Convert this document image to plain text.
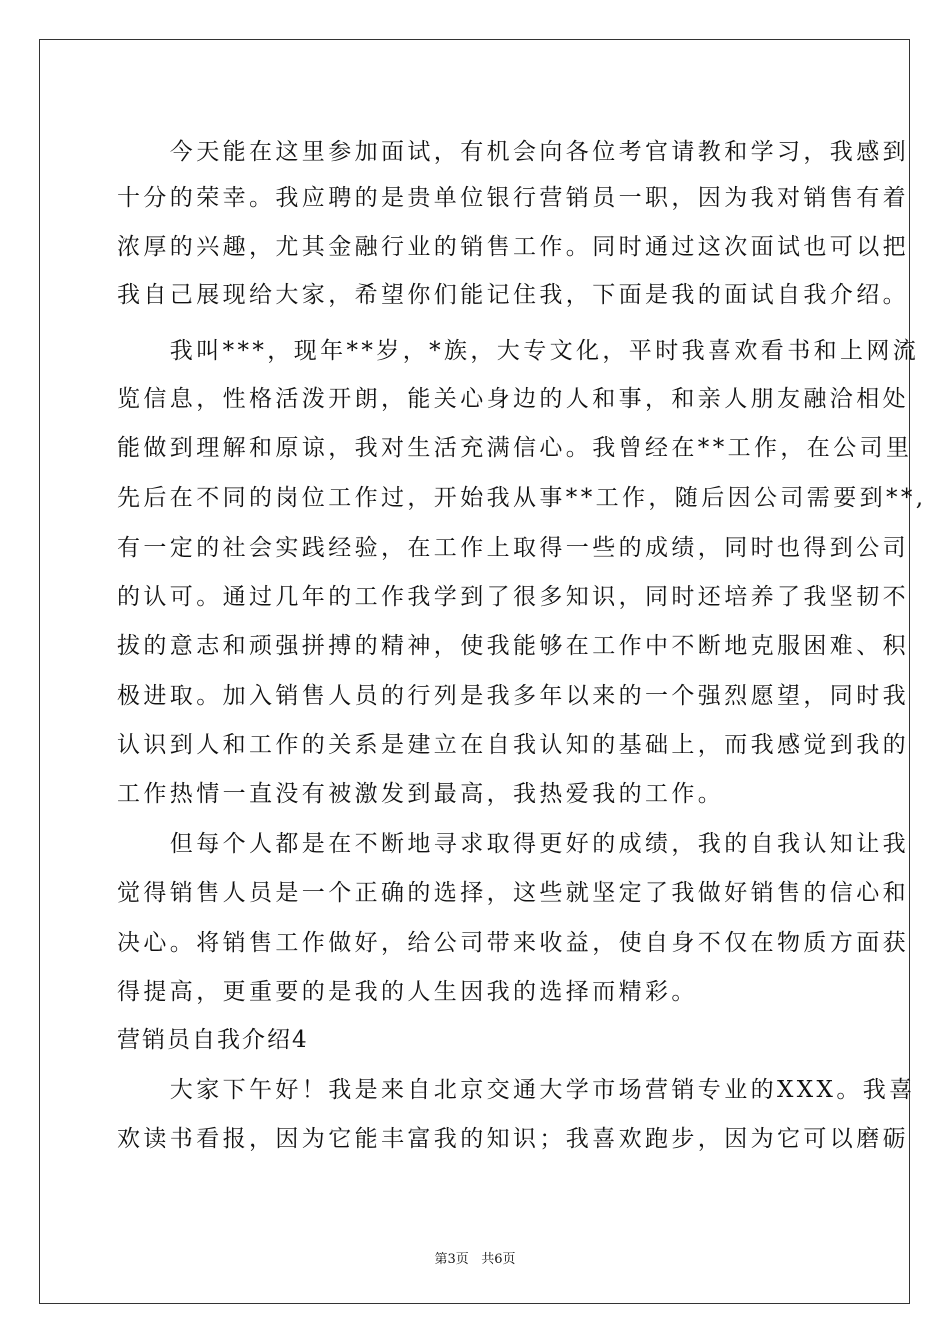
　　今天能在这里参加面试，有机会向各位考官请教和学习，我感到
十分的荣幸。我应聘的是贵单位银行营销员一职，因为我对销售有着
浓厚的兴趣，尤其金融行业的销售工作。同时通过这次面试也可以把
我自己展现给大家，希望你们能记住我，下面是我的面试自我介绍。
　　我叫***，现年**岁，*族，大专文化，平时我喜欢看书和上网流
览信息，性格活泼开朗，能关心身边的人和事，和亲人朋友融洽相处
能做到理解和原谅，我对生活充满信心。我曾经在**工作，在公司里
先后在不同的岗位工作过，开始我从事**工作，随后因公司需要到**,
有一定的社会实践经验，在工作上取得一些的成绩，同时也得到公司
的认可。通过几年的工作我学到了很多知识，同时还培养了我坚韧不
拔的意志和顽强拼搏的精神，使我能够在工作中不断地克服困难、积
极进取。加入销售人员的行列是我多年以来的一个强烈愿望，同时我
认识到人和工作的关系是建立在自我认知的基础上，而我感觉到我的
工作热情一直没有被激发到最高，我热爱我的工作。
　　但每个人都是在不断地寻求取得更好的成绩，我的自我认知让我
觉得销售人员是一个正确的选择，这些就坚定了我做好销售的信心和
决心。将销售工作做好，给公司带来收益，使自身不仅在物质方面获
得提高，更重要的是我的人生因我的选择而精彩。
营销员自我介绍4
　　大家下午好！我是来自北京交通大学市场营销专业的XXX。我喜
欢读书看报，因为它能丰富我的知识；我喜欢跑步，因为它可以磨砺
第3页 共6页
